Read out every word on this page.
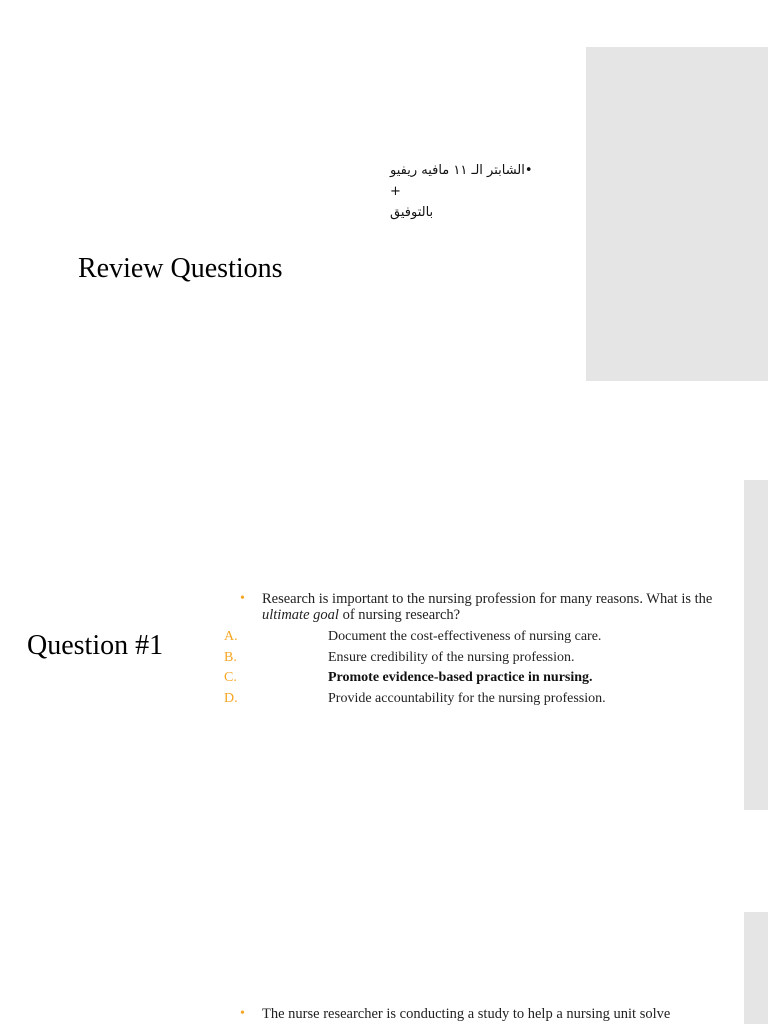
•الشابتر الـ ١١ مافيه ريفيو
+
بالتوفيق
Review Questions
Question #1
• Research is important to the nursing profession for many reasons. What is the ultimate goal of nursing research?
A.	Document the cost-effectiveness of nursing care.
B.	Ensure credibility of the nursing profession.
C.	Promote evidence-based practice in nursing.
D.	Provide accountability for the nursing profession.
• The nurse researcher is conducting a study to help a nursing unit solve
